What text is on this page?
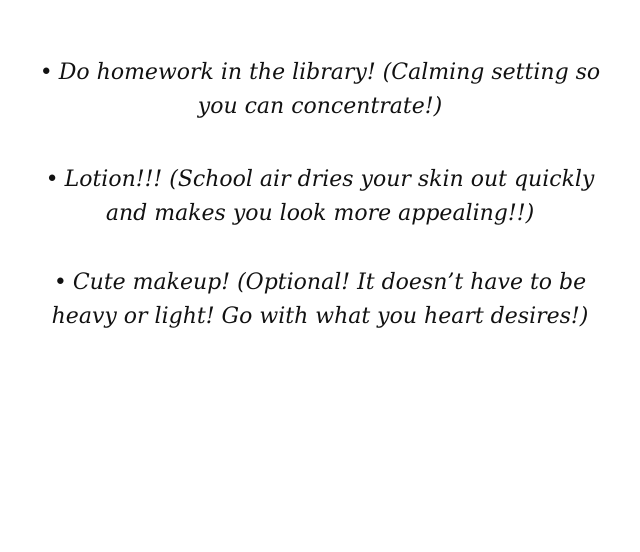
• Do homework in the library! (Calming setting so
you can concentrate!)
• Lotion!!! (School air dries your skin out quickly
and makes you look more appealing!!)
• Cute makeup! (Optional! It doesn’t have to be
heavy or light! Go with what you heart desires!)
